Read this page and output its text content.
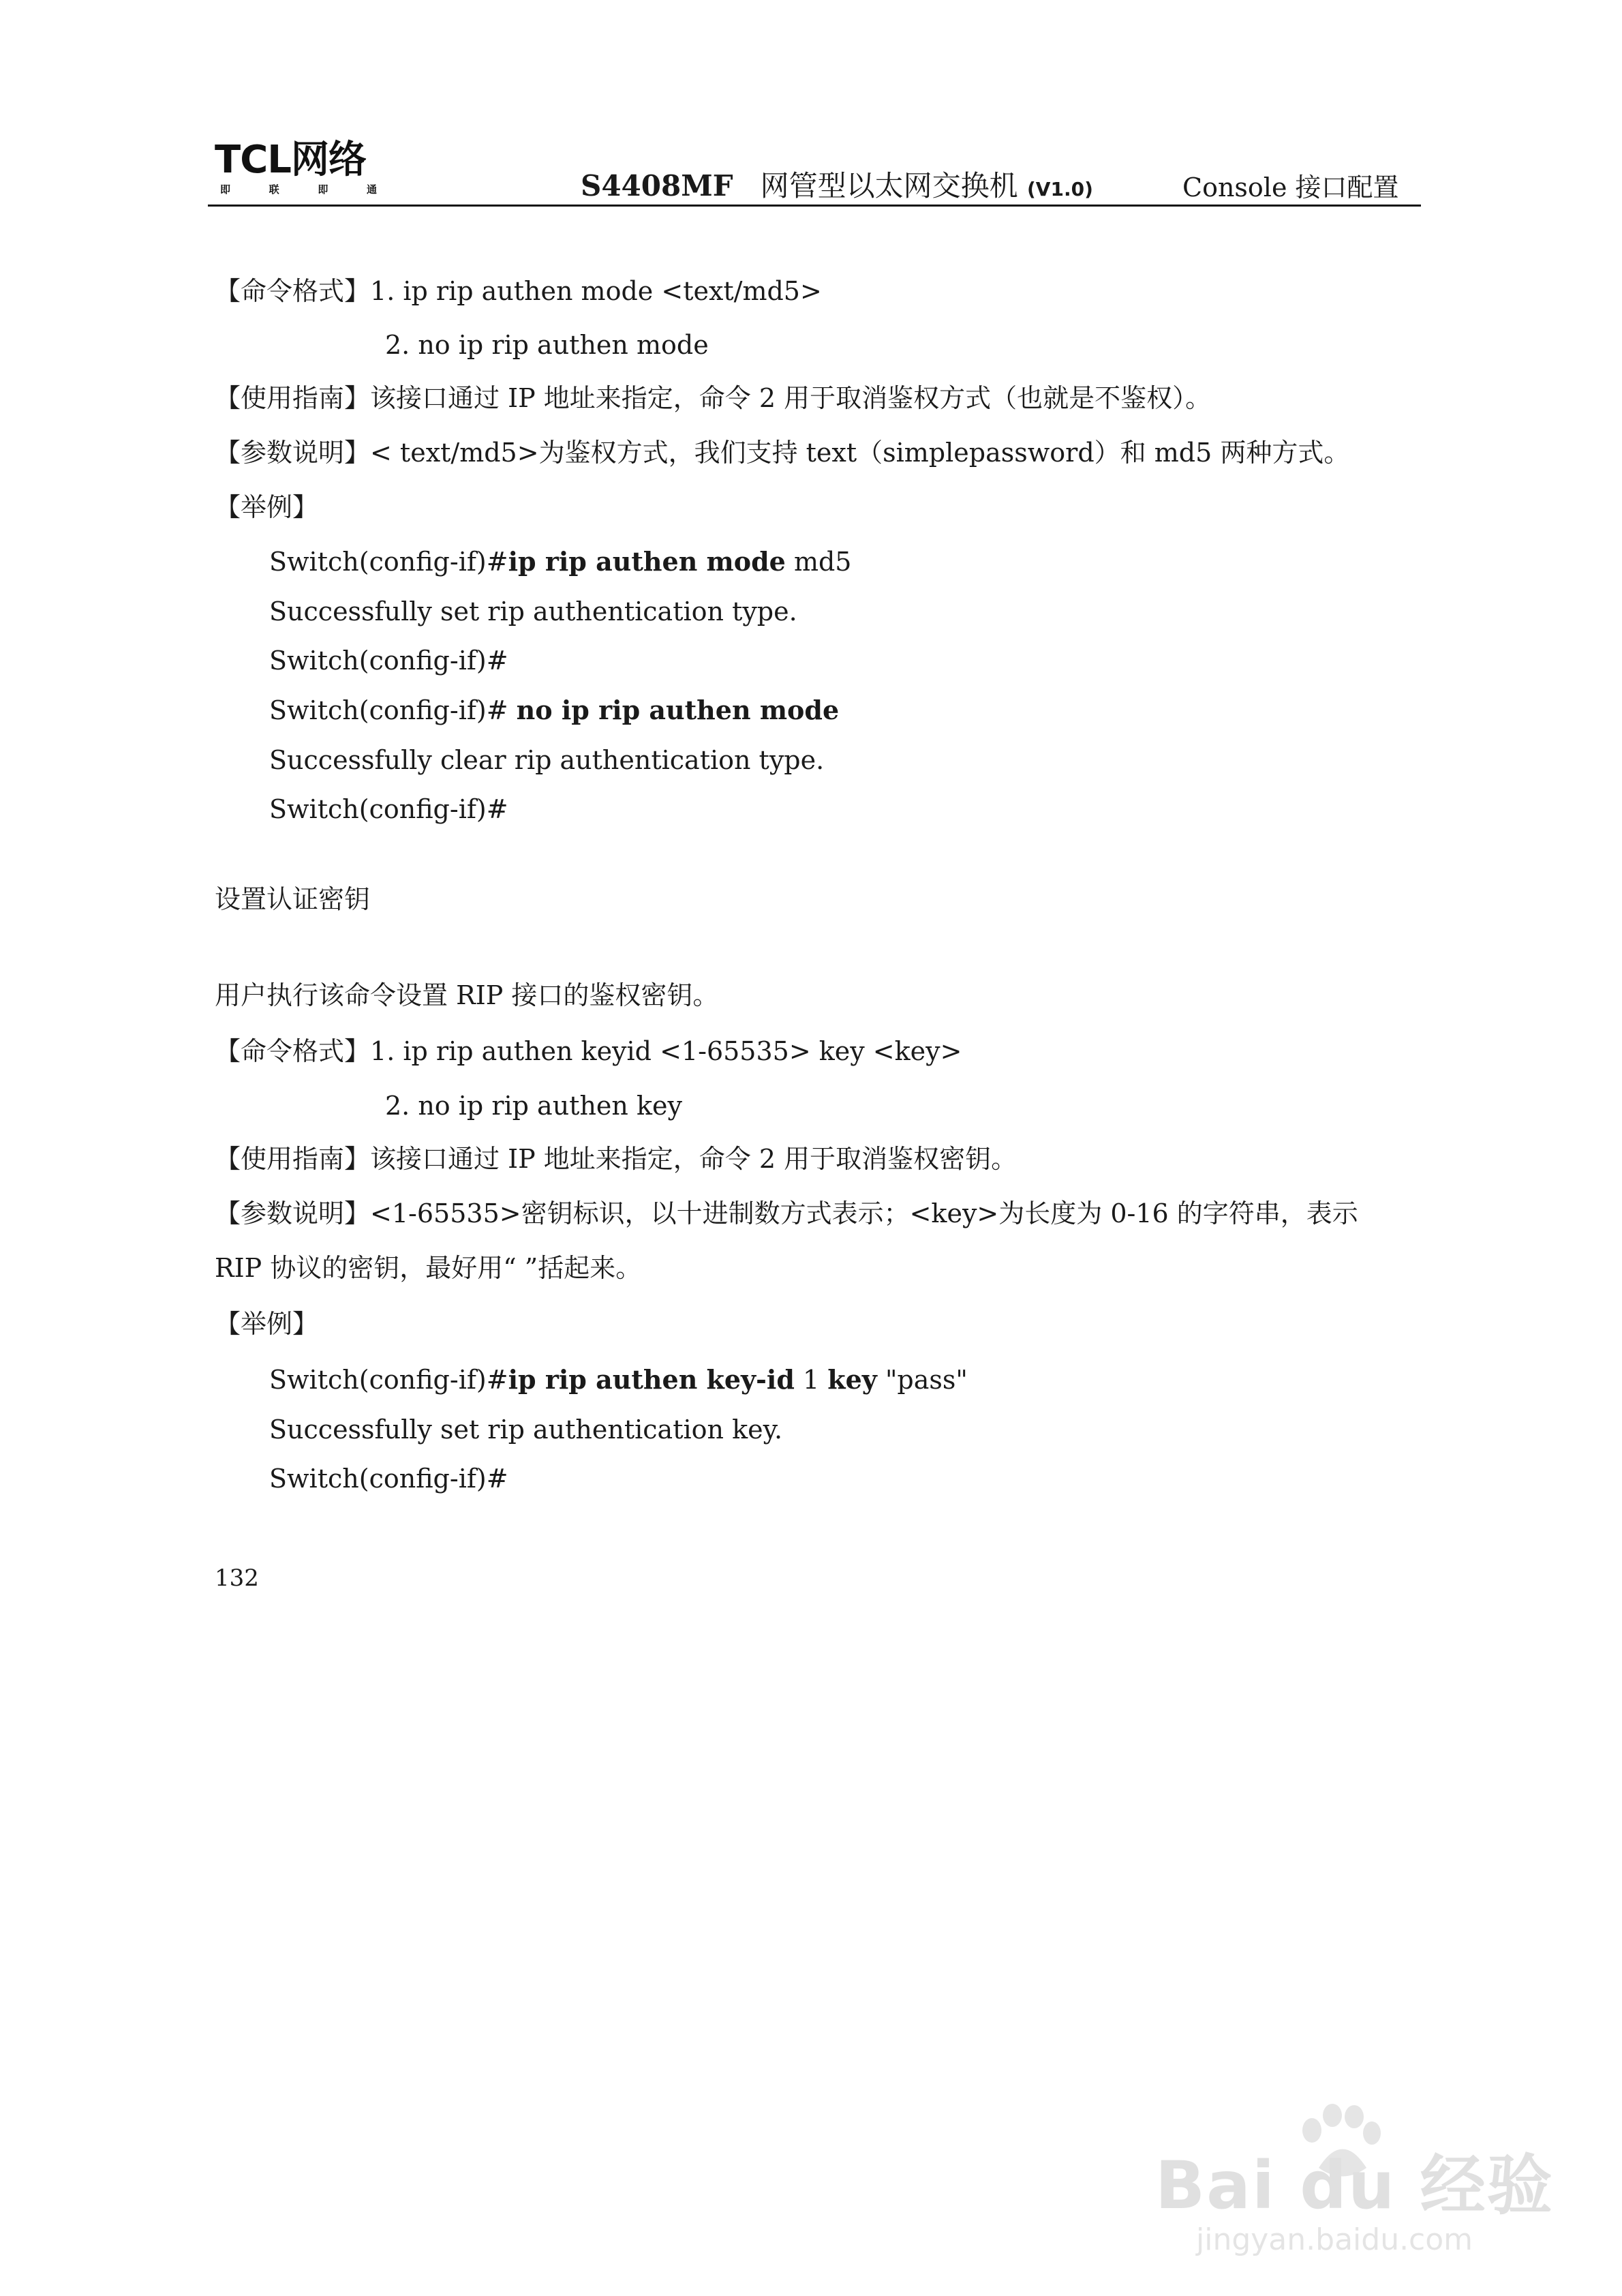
TCL网络
即	联	即	通	S4408MF 网管型以太网交换机 (V1.0)	Console 接口配置
【命令格式】1. ip rip authen mode <text/md5>
2. no ip rip authen mode
【使用指南】该接口通过 IP 地址来指定，命令 2 用于取消鉴权方式（也就是不鉴权）。
【参数说明】< text/md5>为鉴权方式，我们支持 text（simplepassword）和 md5 两种方式。
【举例】
Switch(config-if)#ip rip authen mode md5
Successfully set rip authentication type.
Switch(config-if)#
Switch(config-if)# no ip rip authen mode
Successfully clear rip authentication type.
Switch(config-if)#
设置认证密钥
用户执行该命令设置 RIP 接口的鉴权密钥。
【命令格式】1. ip rip authen keyid <1-65535> key <key>
2. no ip rip authen key
【使用指南】该接口通过 IP 地址来指定，命令 2 用于取消鉴权密钥。
【参数说明】<1-65535>密钥标识，以十进制数方式表示；<key>为长度为 0-16 的字符串，表示
RIP 协议的密钥，最好用“ ”括起来。
【举例】
Switch(config-if)#ip rip authen key-id 1 key "pass"
Successfully set rip authentication key.
Switch(config-if)#
132
Bai du 经验
jingyan.baidu.com
